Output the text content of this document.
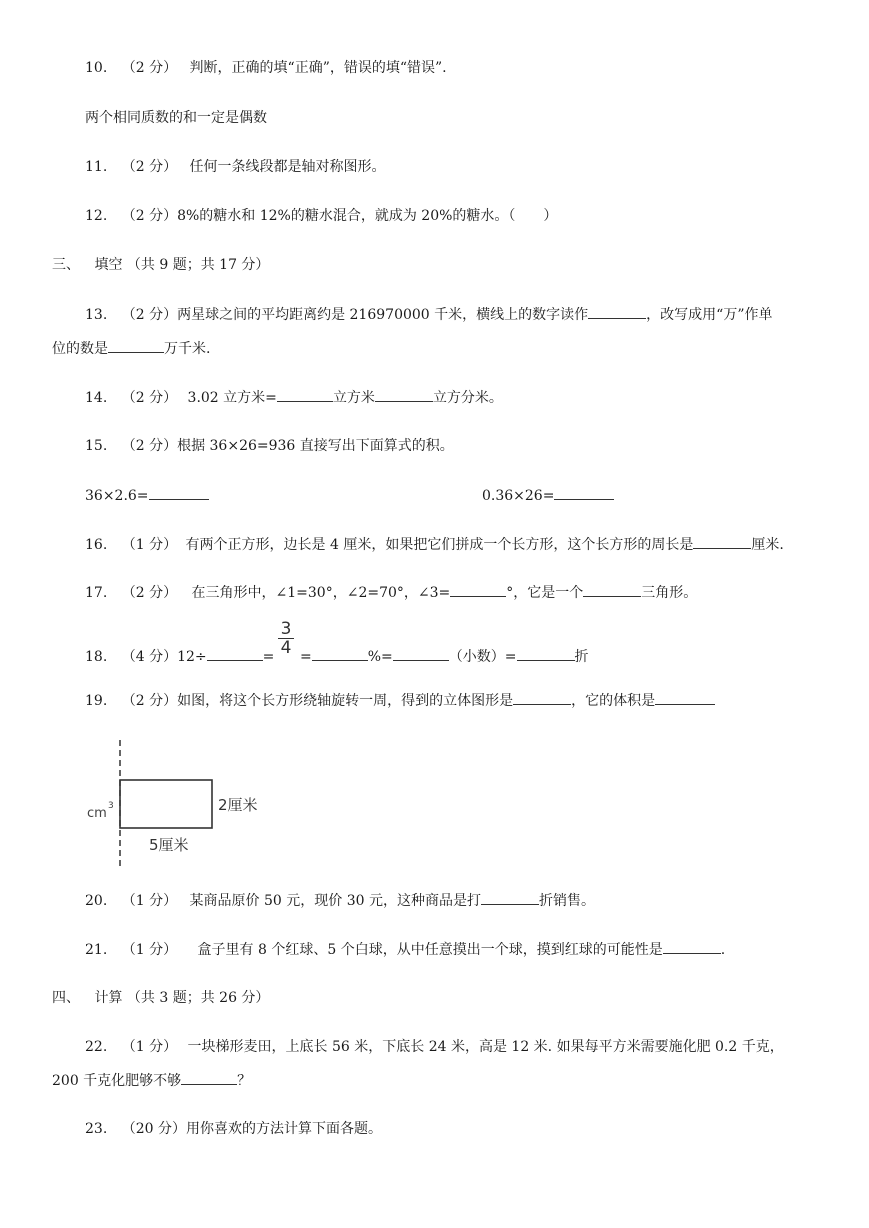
10. （2 分） 判断，正确的填“正确”，错误的填“错误”.
两个相同质数的和一定是偶数
11. （2 分） 任何一条线段都是轴对称图形。
12. （2 分）8%的糖水和 12%的糖水混合，就成为 20%的糖水。（　　）
三、 填空 （共 9 题；共 17 分）
13. （2 分）两星球之间的平均距离约是 216970000 千米，横线上的数字读作	，改写成用“万”作单
位的数是	万千米.
14. （2 分） 3.02 立方米=	立方米	立方分米。
15. （2 分）根据 36×26=936 直接写出下面算式的积。
36×2.6=	0.36×26=
16. （1 分） 有两个正方形，边长是 4 厘米，如果把它们拼成一个长方形，这个长方形的周长是	厘米.
17. （2 分） 在三角形中，∠1=30°，∠2=70°，∠3=	°，它是一个	三角形。
18. （4 分）12÷	=
3
4 =	%=	（小数）=	折
19. （2 分）如图，将这个长方形绕轴旋转一周，得到的立体图形是	，它的体积是
cm 3	2厘米
5厘米
20. （1 分） 某商品原价 50 元，现价 30 元，这种商品是打	折销售。
21. （1 分） 盒子里有 8 个红球、5 个白球，从中任意摸出一个球，摸到红球的可能性是	.
四、 计算 （共 3 题；共 26 分）
22. （1 分） 一块梯形麦田，上底长 56 米，下底长 24 米，高是 12 米. 如果每平方米需要施化肥 0.2 千克，
200 千克化肥够不够	？
23. （20 分）用你喜欢的方法计算下面各题。
